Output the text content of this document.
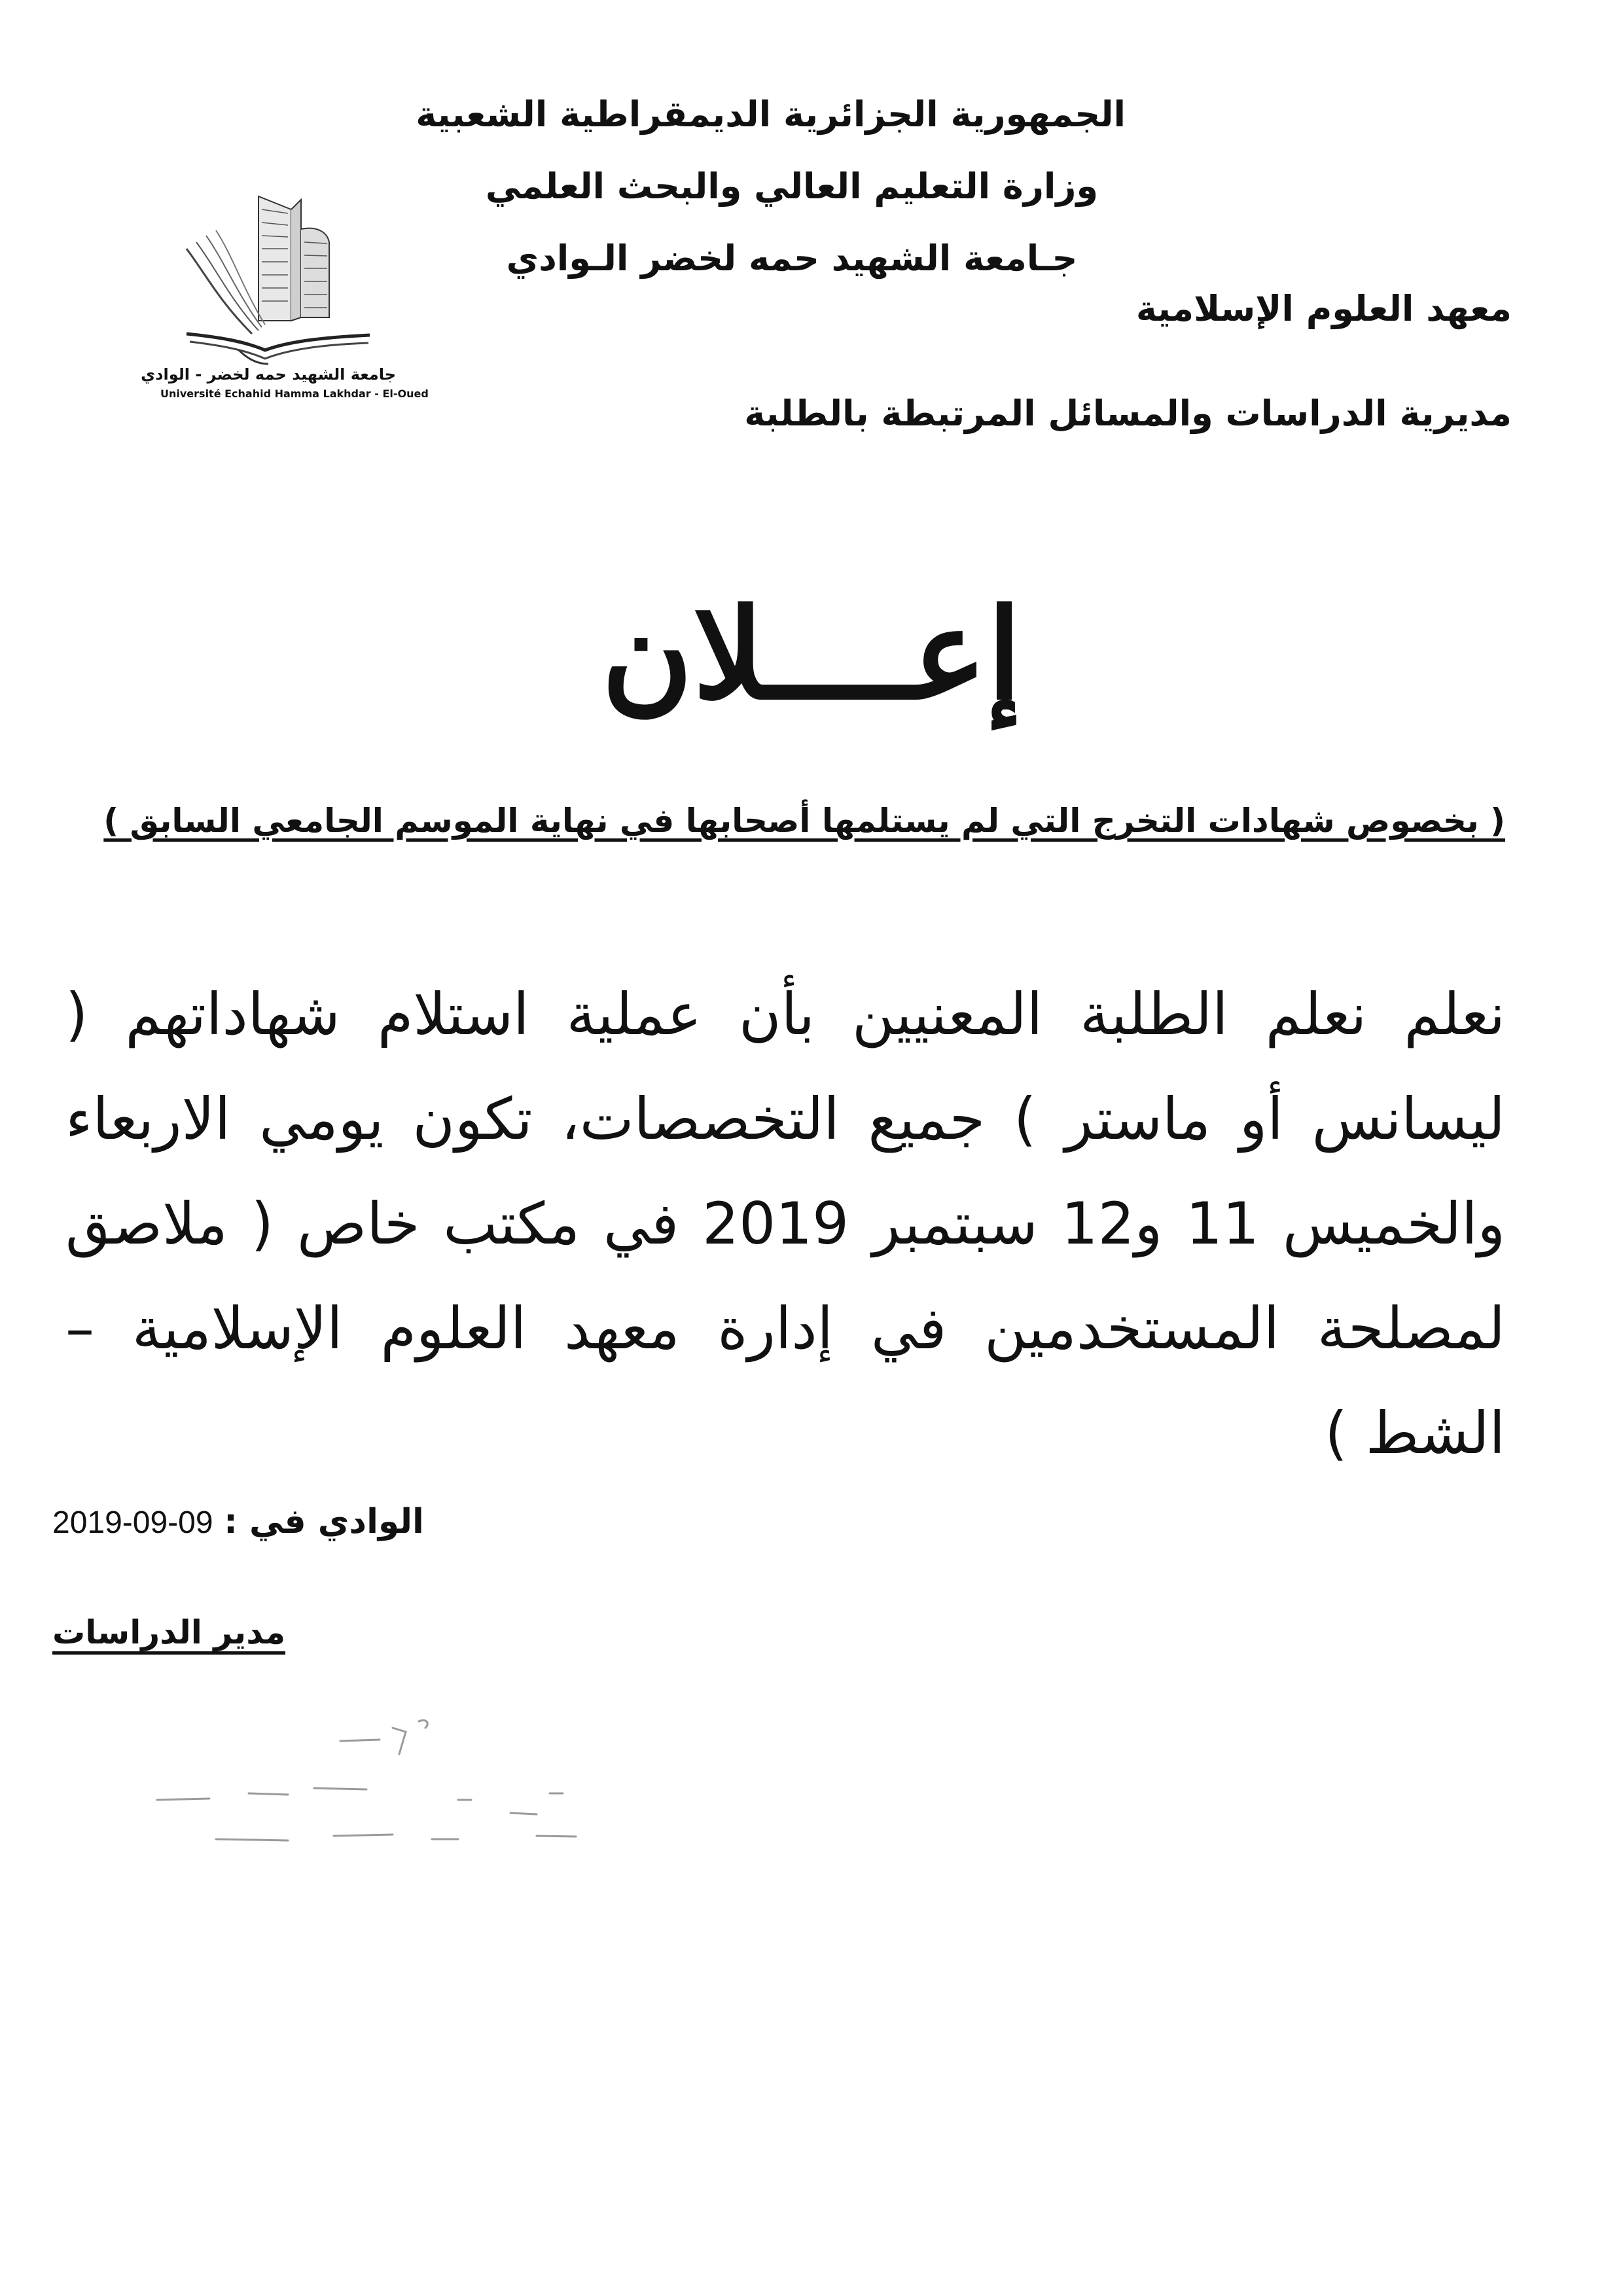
الجمهورية الجزائرية الديمقراطية الشعبية
وزارة التعليم العالي والبحث العلمي
جـامعة الشهيد حمه لخضر الـوادي
جامعة الشهيد حمه لخضر - الوادي
Université Echahid Hamma Lakhdar - El-Oued
معهد العلوم الإسلامية
مديرية الدراسات والمسائل المرتبطة بالطلبة
إعــــلان
( بخصوص شهادات التخرج التي لم يستلمها أصحابها في نهاية الموسم الجامعي السابق )
نعلم نعلم الطلبة المعنيين بأن عملية استلام شهاداتهم ( ليسانس أو ماستر ) جميع التخصصات، تكون يومي الاربعاء والخميس 11 و12 سبتمبر 2019 في مكتب خاص ( ملاصق لمصلحة المستخدمين في إدارة معهد العلوم الإسلامية – الشط )
2019-09-09 الوادي في :
مدير الدراسات
